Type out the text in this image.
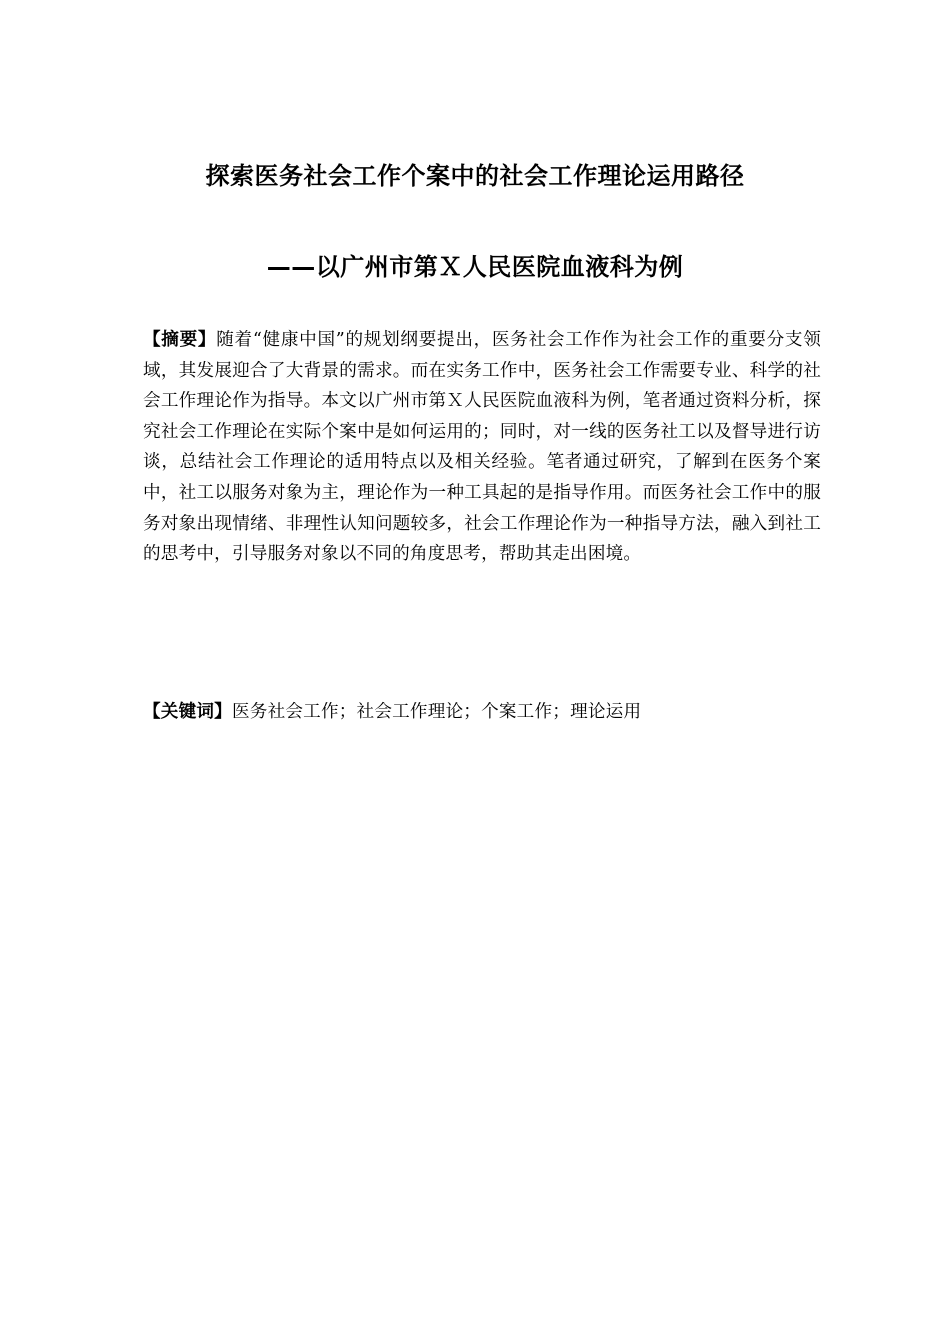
探索医务社会工作个案中的社会工作理论运用路径
——以广州市第Ｘ人民医院血液科为例
【摘要】随着“健康中国”的规划纲要提出，医务社会工作作为社会工作的重要分支领域，其发展迎合了大背景的需求。而在实务工作中，医务社会工作需要专业、科学的社会工作理论作为指导。本文以广州市第Ｘ人民医院血液科为例，笔者通过资料分析，探究社会工作理论在实际个案中是如何运用的；同时，对一线的医务社工以及督导进行访谈，总结社会工作理论的适用特点以及相关经验。笔者通过研究，了解到在医务个案中，社工以服务对象为主，理论作为一种工具起的是指导作用。而医务社会工作中的服务对象出现情绪、非理性认知问题较多，社会工作理论作为一种指导方法，融入到社工的思考中，引导服务对象以不同的角度思考，帮助其走出困境。
【关键词】医务社会工作；社会工作理论；个案工作；理论运用
